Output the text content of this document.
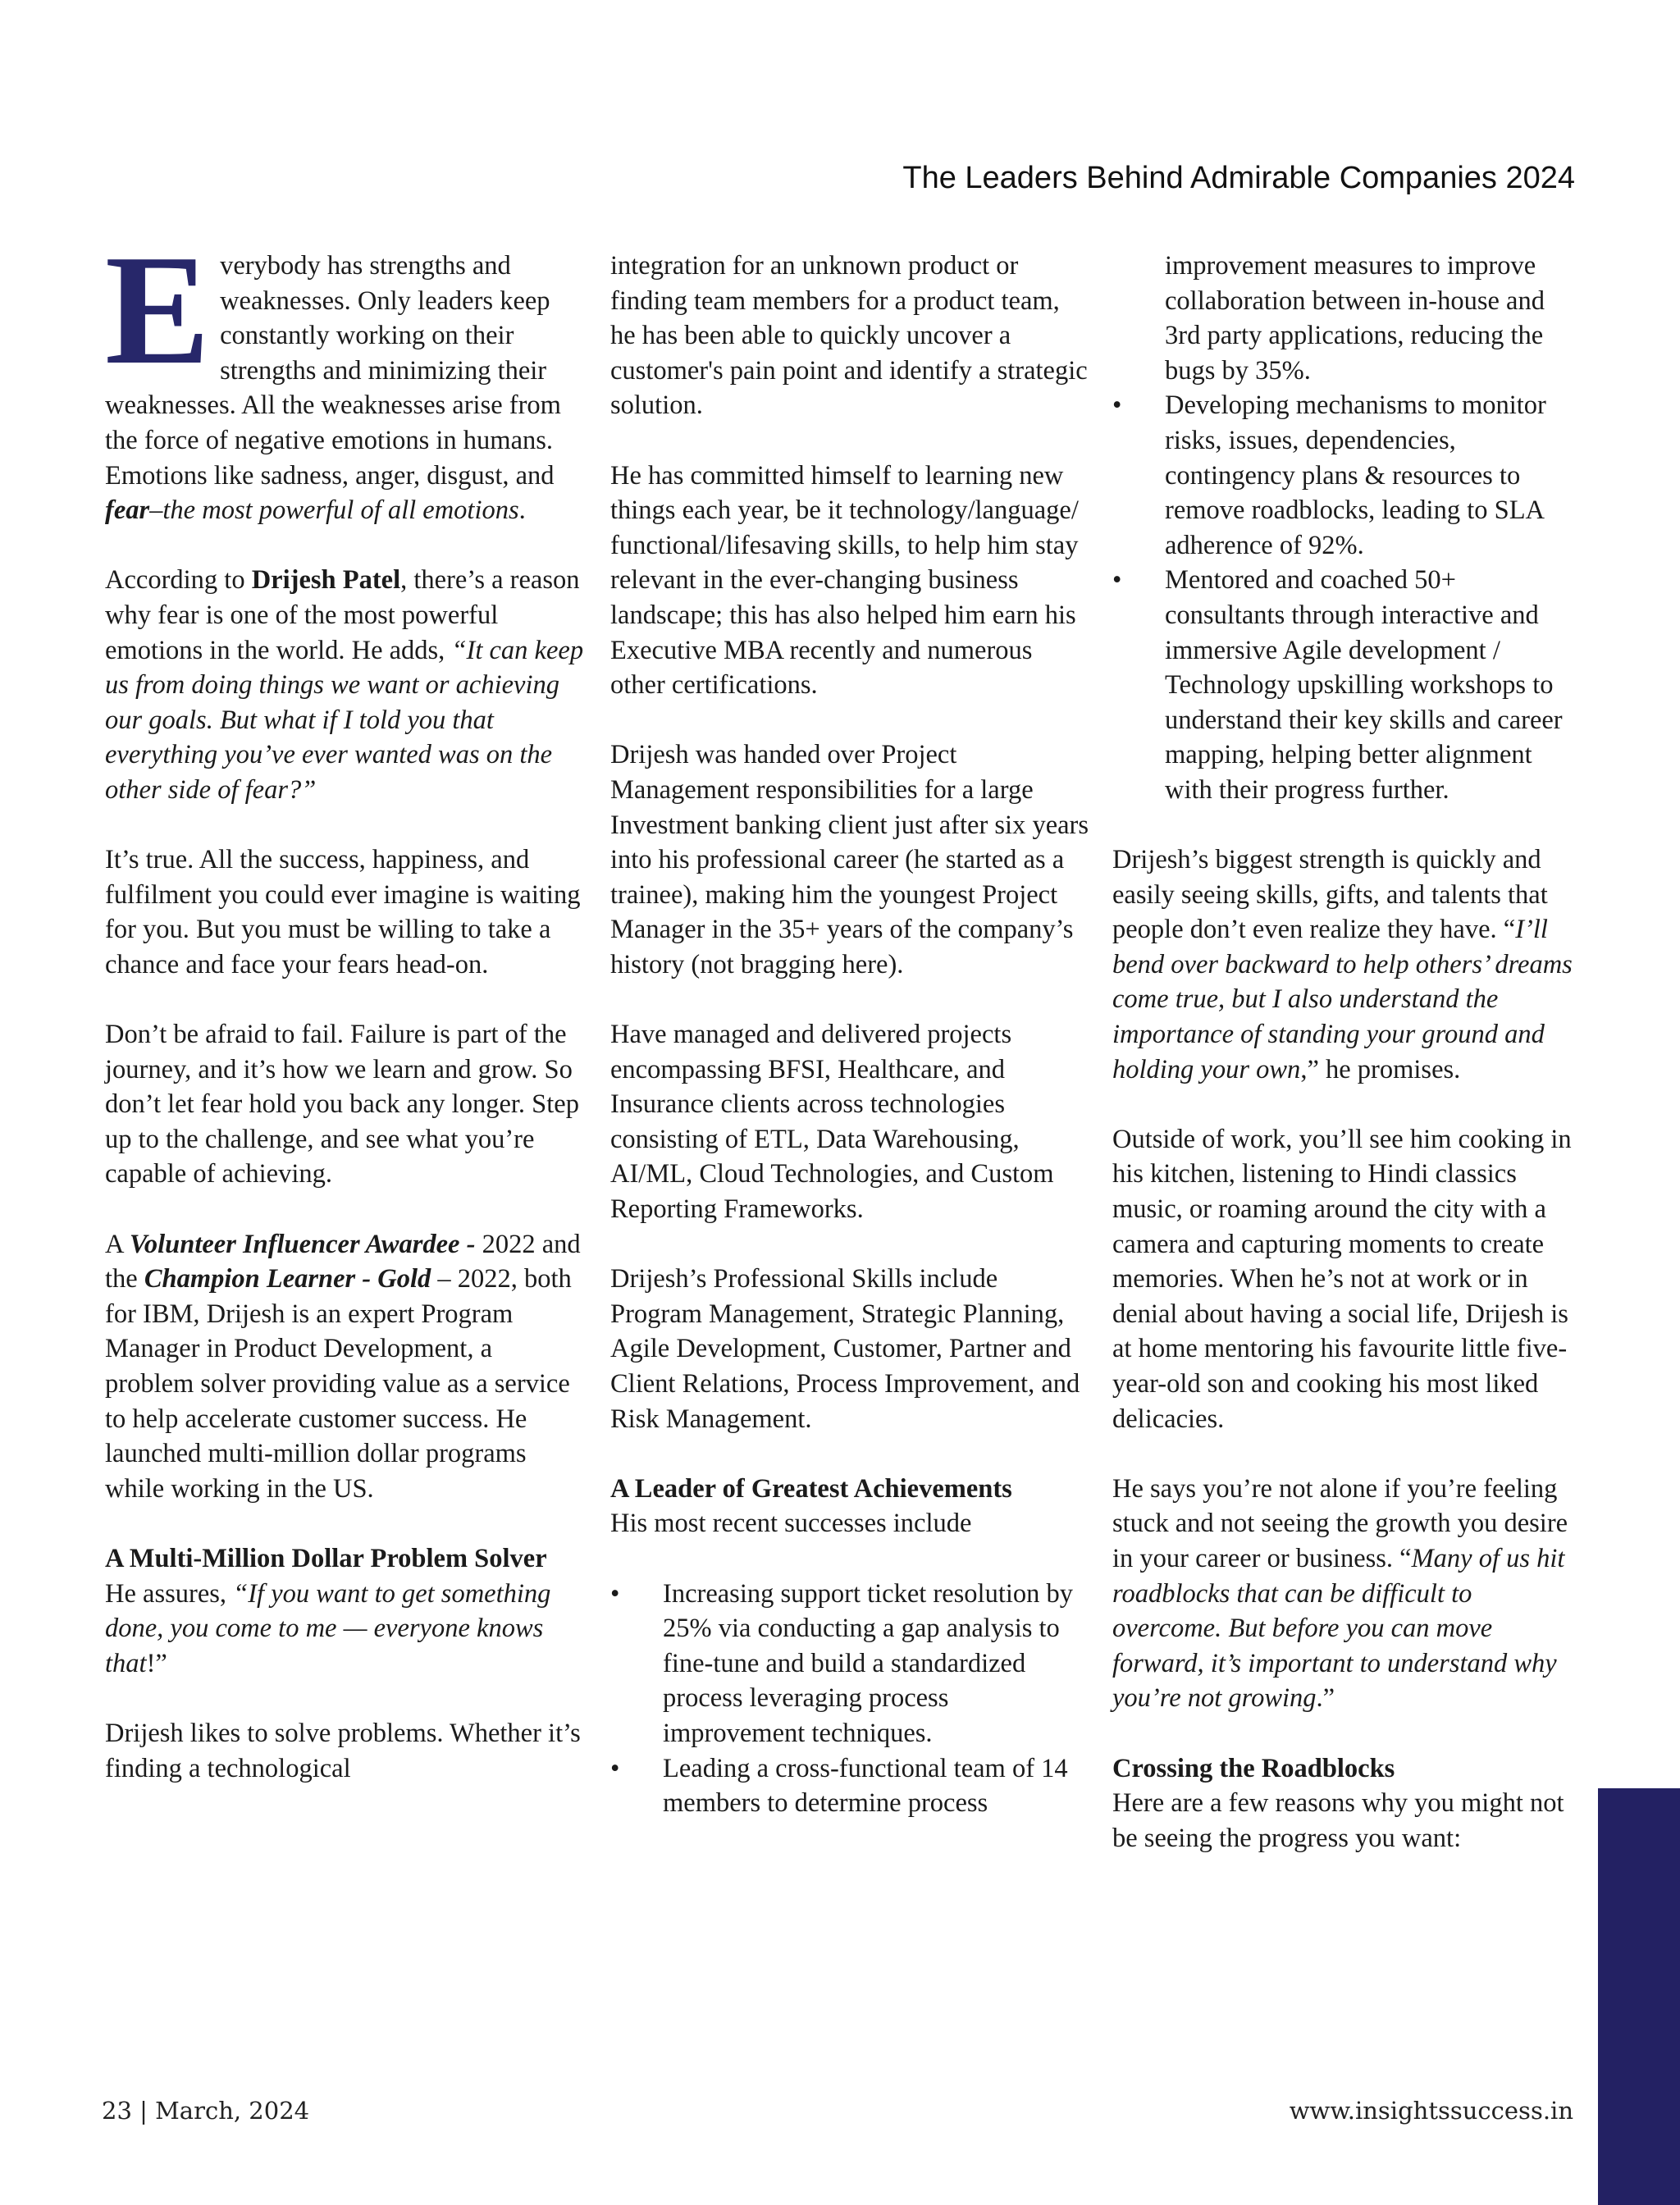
The Leaders Behind Admirable Companies 2024

Everybody has strengths and weaknesses. Only leaders keep constantly working on their strengths and minimizing their weaknesses. All the weaknesses arise from the force of negative emotions in humans. Emotions like sadness, anger, disgust, and fear–the most powerful of all emotions.

According to Drijesh Patel, there’s a reason why fear is one of the most powerful emotions in the world. He adds, “It can keep us from doing things we want or achieving our goals. But what if I told you that everything you’ve ever wanted was on the other side of fear?”

It’s true. All the success, happiness, and fulfilment you could ever imagine is waiting for you. But you must be willing to take a chance and face your fears head-on.

Don’t be afraid to fail. Failure is part of the journey, and it’s how we learn and grow. So don’t let fear hold you back any longer. Step up to the challenge, and see what you’re capable of achieving.

A Volunteer Influencer Awardee - 2022 and the Champion Learner - Gold – 2022, both for IBM, Drijesh is an expert Program Manager in Product Development, a problem solver providing value as a service to help accelerate customer success. He launched multi-million dollar programs while working in the US.

A Multi-Million Dollar Problem Solver

He assures, “If you want to get something done, you come to me — everyone knows that!”

Drijesh likes to solve problems. Whether it’s finding a technological

integration for an unknown product or finding team members for a product team, he has been able to quickly uncover a customer's pain point and identify a strategic solution.

He has committed himself to learning new things each year, be it technology/language/ functional/lifesaving skills, to help him stay relevant in the ever-changing business landscape; this has also helped him earn his Executive MBA recently and numerous other certifications.

Drijesh was handed over Project Management responsibilities for a large Investment banking client just after six years into his professional career (he started as a trainee), making him the youngest Project Manager in the 35+ years of the company’s history (not bragging here).

Have managed and delivered projects encompassing BFSI, Healthcare, and Insurance clients across technologies consisting of ETL, Data Warehousing, AI/ML, Cloud Technologies, and Custom Reporting Frameworks.

Drijesh’s Professional Skills include Program Management, Strategic Planning, Agile Development, Customer, Partner and Client Relations, Process Improvement, and Risk Management.

A Leader of Greatest Achievements

His most recent successes include

•	Increasing support ticket resolution by 25% via conducting a gap analysis to fine-tune and build a standardized process leveraging process improvement techniques.
•	Leading a cross-functional team of 14 members to determine process
improvement measures to improve collaboration between in-house and 3rd party applications, reducing the bugs by 35%.
•	Developing mechanisms to monitor risks, issues, dependencies, contingency plans & resources to remove roadblocks, leading to SLA adherence of 92%.
•	Mentored and coached 50+ consultants through interactive and immersive Agile development / Technology upskilling workshops to understand their key skills and career mapping, helping better alignment with their progress further.

Drijesh’s biggest strength is quickly and easily seeing skills, gifts, and talents that people don’t even realize they have. “I’ll bend over backward to help others’ dreams come true, but I also understand the importance of standing your ground and holding your own,” he promises.

Outside of work, you’ll see him cooking in his kitchen, listening to Hindi classics music, or roaming around the city with a camera and capturing moments to create memories. When he’s not at work or in denial about having a social life, Drijesh is at home mentoring his favourite little five-year-old son and cooking his most liked delicacies.

He says you’re not alone if you’re feeling stuck and not seeing the growth you desire in your career or business. “Many of us hit roadblocks that can be difficult to overcome. But before you can move forward, it’s important to understand why you’re not growing.”

Crossing the Roadblocks

Here are a few reasons why you might not be seeing the progress you want:

23 | March, 2024	www.insightssuccess.in
